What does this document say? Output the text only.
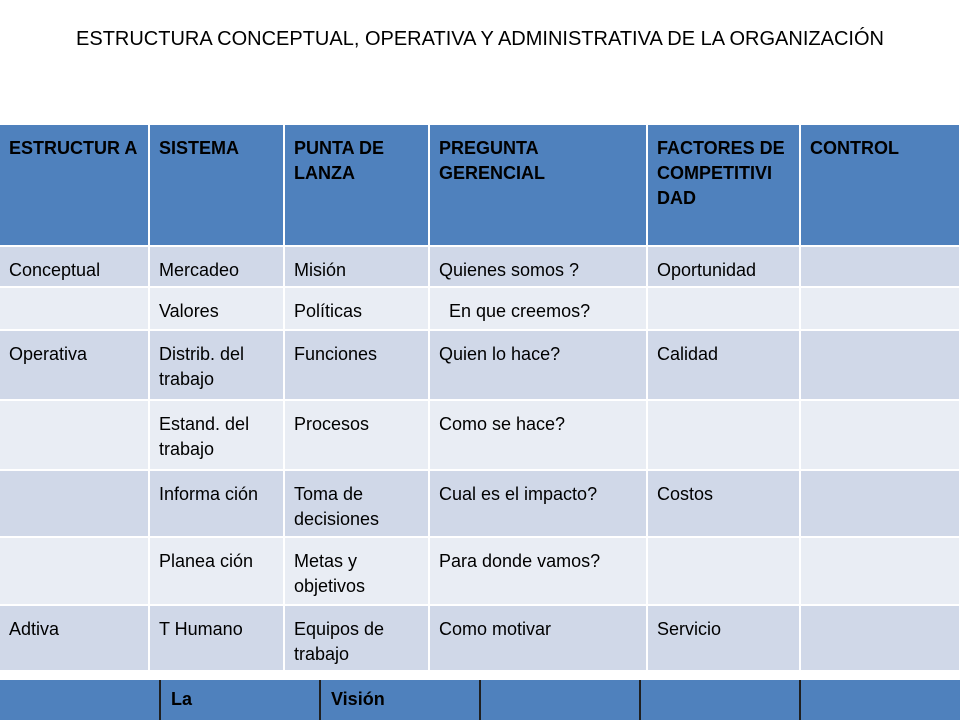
ESTRUCTURA CONCEPTUAL, OPERATIVA Y ADMINISTRATIVA DE LA ORGANIZACIÓN
ESTRUCTUR A	SISTEMA	PUNTA DE LANZA	PREGUNTA GERENCIAL	FACTORES DE COMPETITIVI DAD	CONTROL
Conceptual	Mercadeo	Misión	Quienes somos ?	Oportunidad	
	Valores	Políticas	En que creemos?		
Operativa	Distrib. del trabajo	Funciones	Quien lo hace?	Calidad	
	Estand. del trabajo	Procesos	Como se hace?		
	Informa ción	Toma de decisiones	Cual es el impacto?	Costos	
	Planea ción	Metas y objetivos	Para donde vamos?		
Adtiva	T Humano	Equipos de trabajo	Como motivar	Servicio	
	La	Visión			
